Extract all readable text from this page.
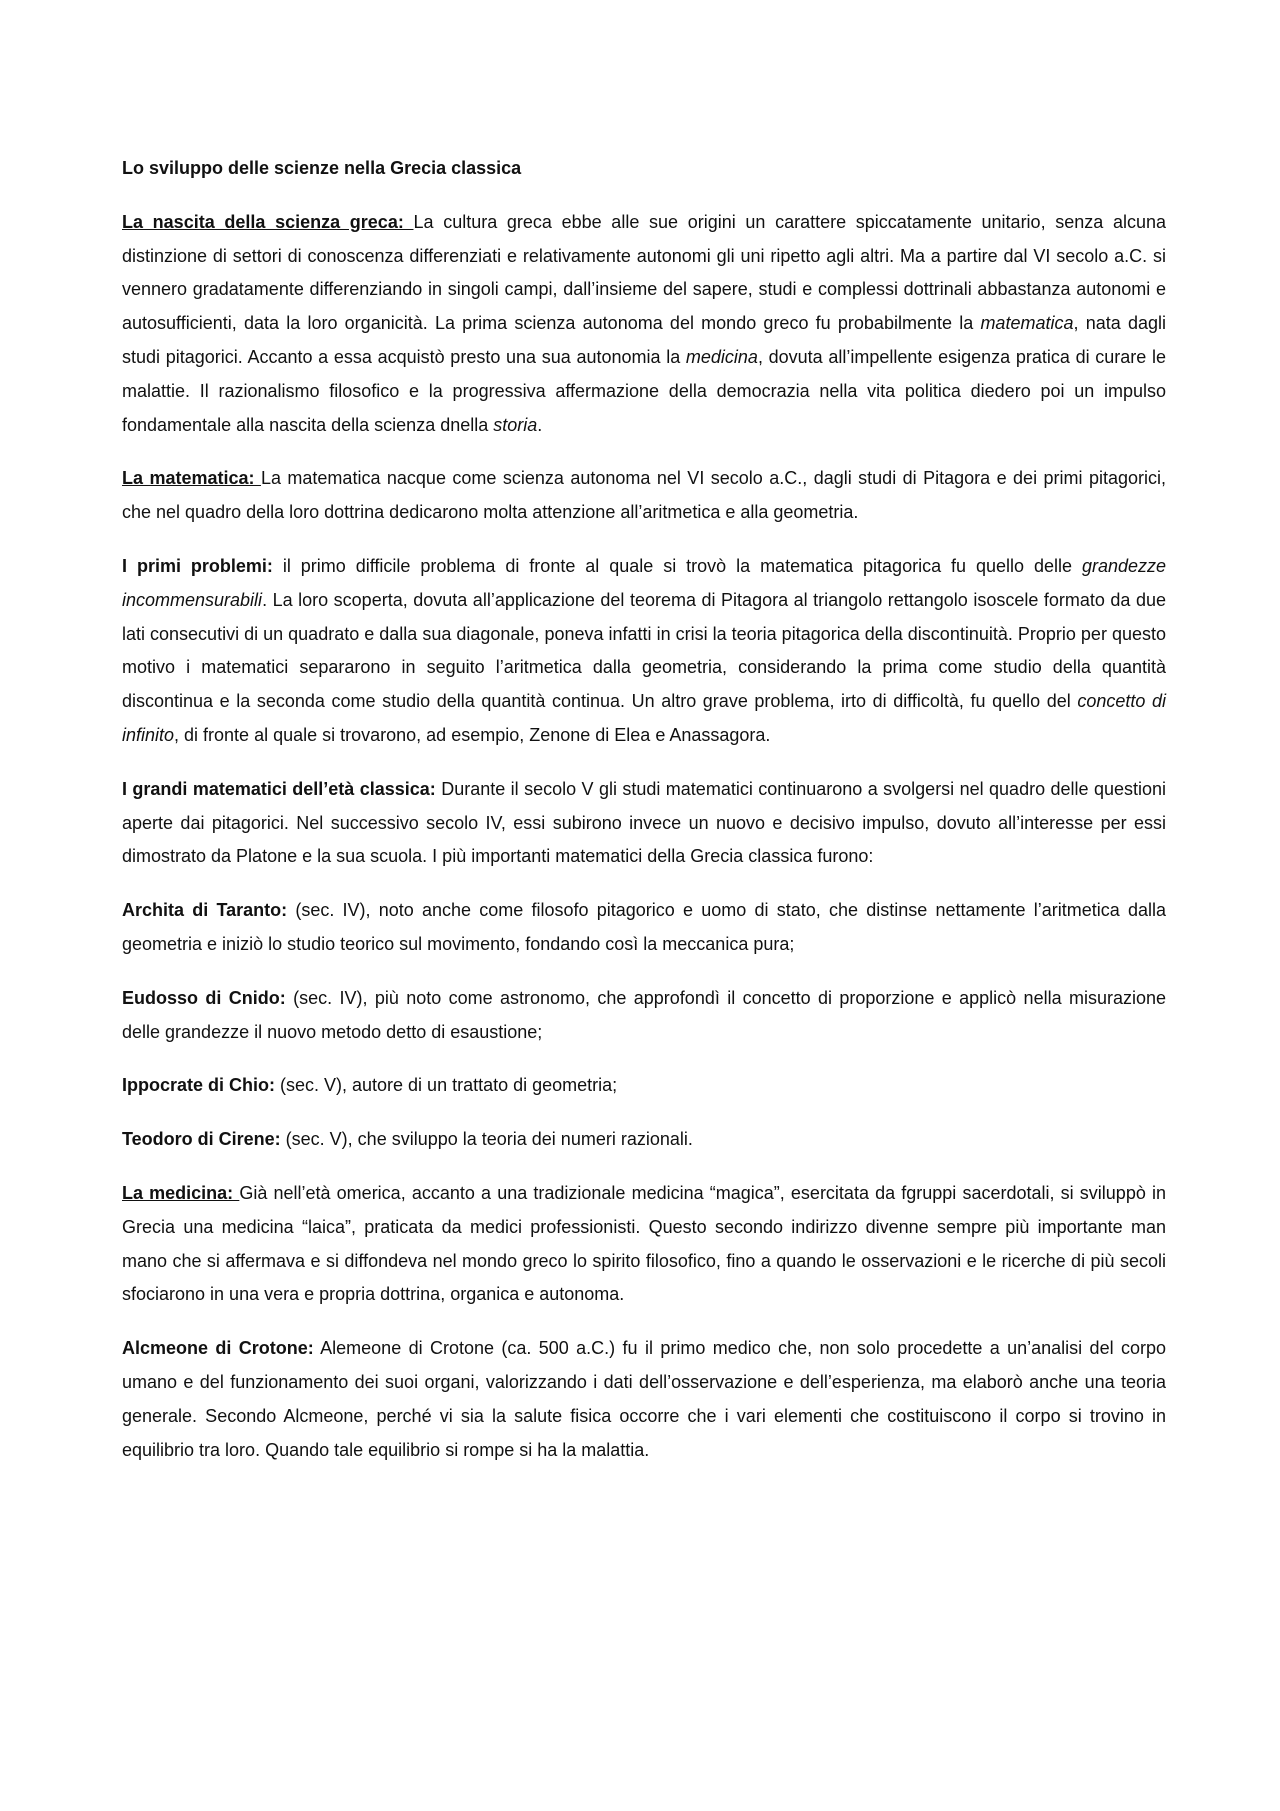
Lo sviluppo delle scienze nella Grecia classica

La nascita della scienza greca: La cultura greca ebbe alle sue origini un carattere spiccatamente unitario, senza alcuna distinzione di settori di conoscenza differenziati e relativamente autonomi gli uni ripetto agli altri. Ma a partire dal VI secolo a.C. si vennero gradatamente differenziando in singoli campi, dall’insieme del sapere, studi e complessi dottrinali abbastanza autonomi e autosufficienti, data la loro organicità. La prima scienza autonoma del mondo greco fu probabilmente la matematica, nata dagli studi pitagorici. Accanto a essa acquistò presto una sua autonomia la medicina, dovuta all’impellente esigenza pratica di curare le malattie. Il razionalismo filosofico e la progressiva affermazione della democrazia nella vita politica diedero poi un impulso fondamentale alla nascita della scienza dnella storia.

La matematica: La matematica nacque come scienza autonoma nel VI secolo a.C., dagli studi di Pitagora e dei primi pitagorici, che nel quadro della loro dottrina dedicarono molta attenzione all’aritmetica e alla geometria.

I primi problemi: il primo difficile problema di fronte al quale si trovò la matematica pitagorica fu quello delle grandezze incommensurabili. La loro scoperta, dovuta all’applicazione del teorema di Pitagora al triangolo rettangolo isoscele formato da due lati consecutivi di un quadrato e dalla sua diagonale, poneva infatti in crisi la teoria pitagorica della discontinuità. Proprio per questo motivo i matematici separarono in seguito l’aritmetica dalla geometria, considerando la prima come studio della quantità discontinua e la seconda come studio della quantità continua. Un altro grave problema, irto di difficoltà, fu quello del concetto di infinito, di fronte al quale si trovarono, ad esempio, Zenone di Elea e Anassagora.

I grandi matematici dell’età classica: Durante il secolo V gli studi matematici continuarono a svolgersi nel quadro delle questioni aperte dai pitagorici. Nel successivo secolo IV, essi subirono invece un nuovo e decisivo impulso, dovuto all’interesse per essi dimostrato da Platone e la sua scuola. I più importanti matematici della Grecia classica furono:

Archita di Taranto: (sec. IV), noto anche come filosofo pitagorico e uomo di stato, che distinse nettamente l’aritmetica dalla geometria e iniziò lo studio teorico sul movimento, fondando così la meccanica pura;

Eudosso di Cnido: (sec. IV), più noto come astronomo, che approfondì il concetto di proporzione e applicò nella misurazione delle grandezze il nuovo metodo detto di esaustione;

Ippocrate di Chio: (sec. V), autore di un trattato di geometria;

Teodoro di Cirene: (sec. V), che sviluppo la teoria dei numeri razionali.

La medicina: Già nell’età omerica, accanto a una tradizionale medicina “magica”, esercitata da fgruppi sacerdotali, si sviluppò in Grecia una medicina “laica”, praticata da medici professionisti. Questo secondo indirizzo divenne sempre più importante man mano che si affermava e si diffondeva nel mondo greco lo spirito filosofico, fino a quando le osservazioni e le ricerche di più secoli sfociarono in una vera e propria dottrina, organica e autonoma.

Alcmeone di Crotone: Alemeone di Crotone (ca. 500 a.C.) fu il primo medico che, non solo procedette a un’analisi del corpo umano e del funzionamento dei suoi organi, valorizzando i dati dell’osservazione e dell’esperienza, ma elaborò anche una teoria generale. Secondo Alcmeone, perché vi sia la salute fisica occorre che i vari elementi che costituiscono il corpo si trovino in equilibrio tra loro. Quando tale equilibrio si rompe si ha la malattia.
